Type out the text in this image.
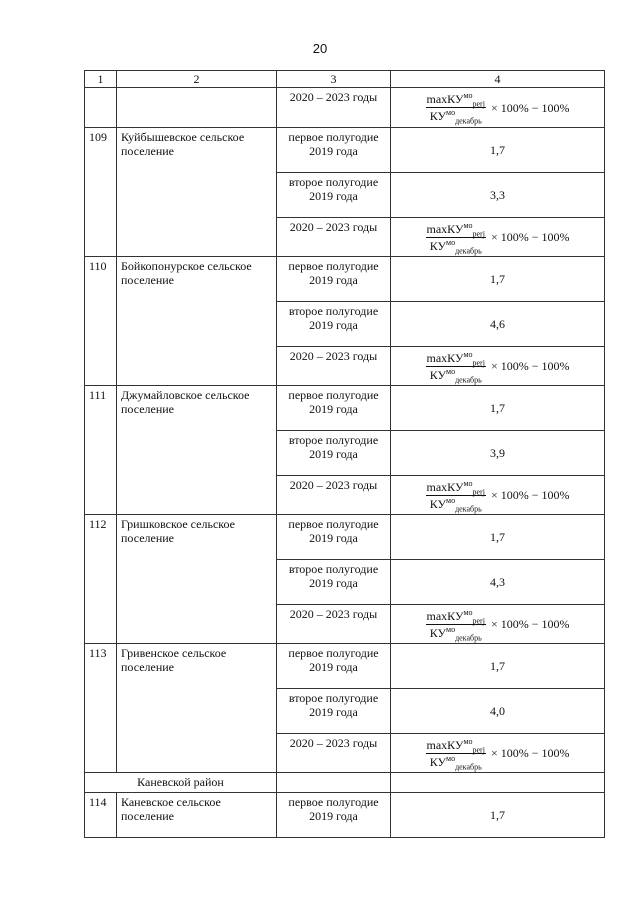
20
1	2	3	4
		2020 – 2023 годы	$\frac{\max КУ^{мо}_{perj}}{КУ^{мо}_{декабрь}} \times 100\% - 100\%$

109	Куйбышевское сельское поселение	первое полугодие 2019 года	1,7
		второе полугодие 2019 года	3,3
		2020 – 2023 годы	$\frac{\max КУ^{мо}_{perj}}{КУ^{мо}_{декабрь}} \times 100\% - 100\%$

110	Бойкопонурское сельское поселение	первое полугодие 2019 года	1,7
		второе полугодие 2019 года	4,6
		2020 – 2023 годы	$\frac{\max КУ^{мо}_{perj}}{КУ^{мо}_{декабрь}} \times 100\% - 100\%$

111	Джумайловское сельское поселение	первое полугодие 2019 года	1,7
		второе полугодие 2019 года	3,9
		2020 – 2023 годы	$\frac{\max КУ^{мо}_{perj}}{КУ^{мо}_{декабрь}} \times 100\% - 100\%$

112	Гришковское сельское поселение	первое полугодие 2019 года	1,7
		второе полугодие 2019 года	4,3
		2020 – 2023 годы	$\frac{\max КУ^{мо}_{perj}}{КУ^{мо}_{декабрь}} \times 100\% - 100\%$

113	Гривенское сельское поселение	первое полугодие 2019 года	1,7
		второе полугодие 2019 года	4,0
		2020 – 2023 годы	$\frac{\max КУ^{мо}_{perj}}{КУ^{мо}_{декабрь}} \times 100\% - 100\%$

Каневской район			
114	Каневское сельское поселение	первое полугодие 2019 года	1,7
